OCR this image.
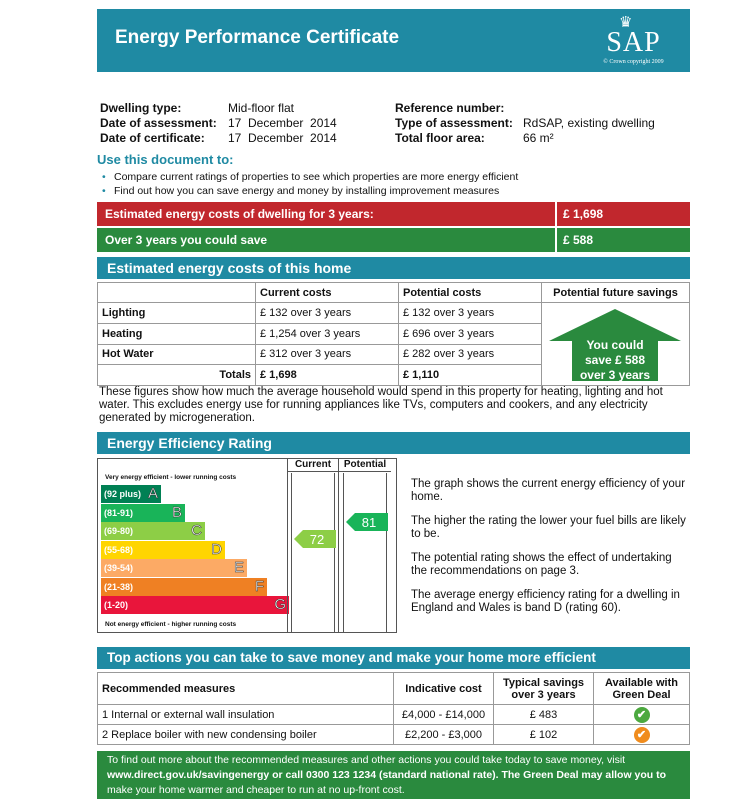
Energy Performance Certificate
♛
SAP
© Crown copyright 2009
Dwelling type:	Mid-floor flat
Date of assessment: 17  December  2014
Date of certificate: 17  December  2014
Reference number:
Type of assessment: RdSAP, existing dwelling
Total floor area:	66 m²
Use this document to:
• Compare current ratings of properties to see which properties are more energy efficient
• Find out how you can save energy and money by installing improvement measures
Estimated energy costs of dwelling for 3 years:	£ 1,698
Over 3 years you could save	£ 588
Estimated energy costs of this home
	Current costs	Potential costs	Potential future savings
Lighting	£ 132 over 3 years	£ 132 over 3 years	You could
save £ 588
over 3 years

Heating	£ 1,254 over 3 years	£ 696 over 3 years	
Hot Water	£ 312 over 3 years	£ 282 over 3 years	
Totals	£ 1,698	£ 1,110	
These figures show how much the average household would spend in this property for heating, lighting and hot water. This excludes energy use for running appliances like TVs, computers and cookers, and any electricity generated by microgeneration.
Energy Efficiency Rating
Very energy efficient - lower running costs
(92 plus) A
(81-91)	B
(69-80)	C
(55-68)	D
(39-54)	E
(21-38)	F
(1-20)	G
Not energy efficient - higher running costs
Current	Potential
72
81
The graph shows the current energy efficiency of your home.
The higher the rating the lower your fuel bills are likely to be.
The potential rating shows the effect of undertaking the recommendations on page 3.
The average energy efficiency rating for a dwelling in England and Wales is band D (rating 60).
Top actions you can take to save money and make your home more efficient
Recommended measures	Indicative cost	Typical savings over 3 years	Available with Green Deal
1 Internal or external wall insulation	£4,000 - £14,000	£ 483	✔
2 Replace boiler with new condensing boiler	£2,200 - £3,000	£ 102	✔
To find out more about the recommended measures and other actions you could take today to save money, visit
www.direct.gov.uk/savingenergy or call 0300 123 1234 (standard national rate). The Green Deal may allow you to
make your home warmer and cheaper to run at no up-front cost.
